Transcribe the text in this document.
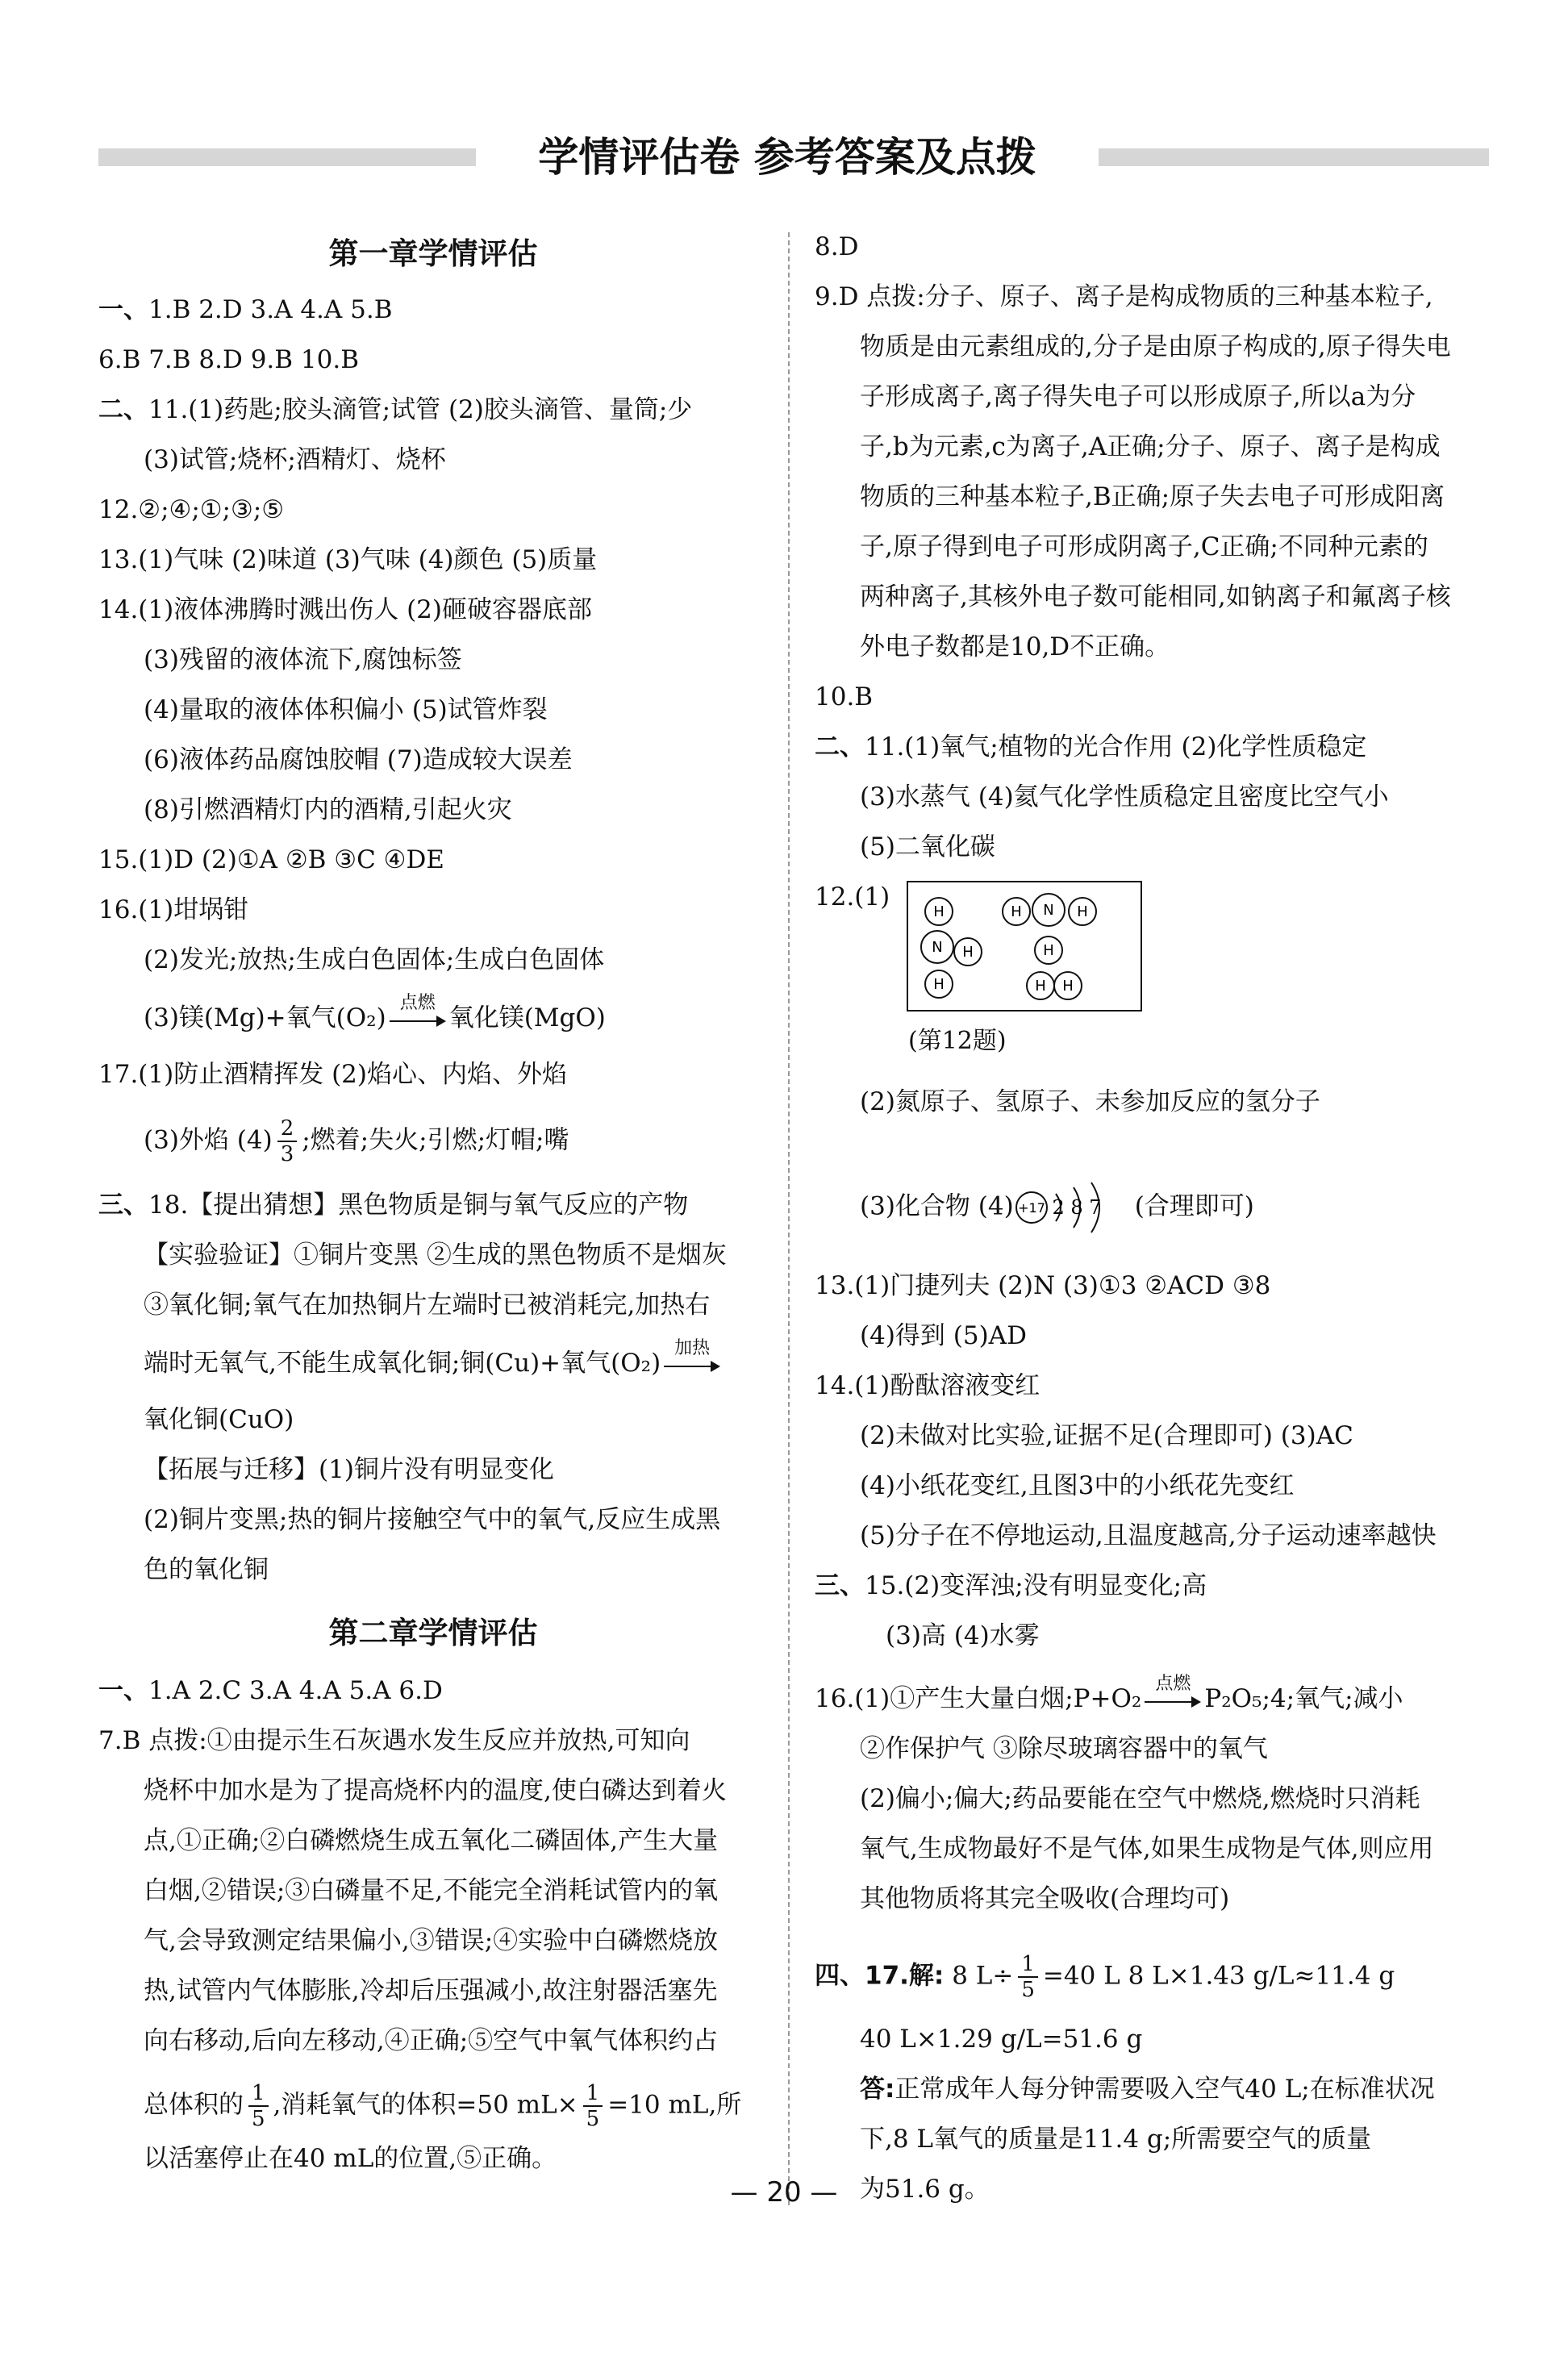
学情评估卷 参考答案及点拨
第一章学情评估
一、1.B 2.D 3.A 4.A 5.B
6.B 7.B 8.D 9.B 10.B
二、11.(1)药匙;胶头滴管;试管 (2)胶头滴管、量筒;少
(3)试管;烧杯;酒精灯、烧杯
12.②;④;①;③;⑤
13.(1)气味 (2)味道 (3)气味 (4)颜色 (5)质量
14.(1)液体沸腾时溅出伤人 (2)砸破容器底部
(3)残留的液体流下,腐蚀标签
(4)量取的液体体积偏小 (5)试管炸裂
(6)液体药品腐蚀胶帽 (7)造成较大误差
(8)引燃酒精灯内的酒精,引起火灾
15.(1)D (2)①A ②B ③C ④DE
16.(1)坩埚钳
(2)发光;放热;生成白色固体;生成白色固体
(3)镁(Mg)+氧气(O₂)
点燃
氧化镁(MgO)
17.(1)防止酒精挥发 (2)焰心、内焰、外焰
(3)外焰 $(4) \frac{2}{3}$ ;燃着;失火;引燃;灯帽;嘴
三、18.【提出猜想】黑色物质是铜与氧气反应的产物
【实验验证】①铜片变黑 ②生成的黑色物质不是烟灰
③氧化铜;氧气在加热铜片左端时已被消耗完,加热右
端时无氧气,不能生成氧化铜;铜(Cu)+氧气(O₂)
加热
氧化铜(CuO)
【拓展与迁移】(1)铜片没有明显变化
(2)铜片变黑;热的铜片接触空气中的氧气,反应生成黑
色的氧化铜
第二章学情评估
一、1.A 2.C 3.A 4.A 5.A 6.D
7.B 点拨:①由提示生石灰遇水发生反应并放热,可知向
烧杯中加水是为了提高烧杯内的温度,使白磷达到着火
点,①正确;②白磷燃烧生成五氧化二磷固体,产生大量
白烟,②错误;③白磷量不足,不能完全消耗试管内的氧
气,会导致测定结果偏小,③错误;④实验中白磷燃烧放
热,试管内气体膨胀,冷却后压强减小,故注射器活塞先
向右移动,后向左移动,④正确;⑤空气中氧气体积约占
总体积的 $\frac{1}{5}$ ,消耗氧气的体积=50 $mL\times \frac{1}{5} =10$ mL,所
以活塞停止在40 mL的位置,⑤正确。
8.D
9.D 点拨:分子、原子、离子是构成物质的三种基本粒子,
物质是由元素组成的,分子是由原子构成的,原子得失电
子形成离子,离子得失电子可以形成原子,所以a为分
子,b为元素,c为离子,A正确;分子、原子、离子是构成
物质的三种基本粒子,B正确;原子失去电子可形成阳离
子,原子得到电子可形成阴离子,C正确;不同种元素的
两种离子,其核外电子数可能相同,如钠离子和氟离子核
外电子数都是10,D不正确。
10.B
二、11.(1)氧气;植物的光合作用 (2)化学性质稳定
(3)水蒸气 (4)氦气化学性质稳定且密度比空气小
(5)二氧化碳
12.(1)
H	H N H
N H	H
H	H H
(第12题)
(2)氮原子、氢原子、未参加反应的氢分子
(3)化合物 (4) +17 2 8 7 (合理即可)
13.(1)门捷列夫 (2)N (3)①3 ②ACD ③8
(4)得到 (5)AD
14.(1)酚酞溶液变红
(2)未做对比实验,证据不足(合理即可) (3)AC
(4)小纸花变红,且图3中的小纸花先变红
(5)分子在不停地运动,且温度越高,分子运动速率越快
三、15.(2)变浑浊;没有明显变化;高
(3)高 (4)水雾
16.(1)①产生大量白烟;P+O₂
点燃
P₂O₅;4;氧气;减小
②作保护气 ③除尽玻璃容器中的氧气
(2)偏小;偏大;药品要能在空气中燃烧,燃烧时只消耗
氧气,生成物最好不是气体,如果生成物是气体,则应用
其他物质将其完全吸收(合理均可)
四、17.解: 8 $L\div \frac{1}{5} =40$ L 8 L×1.43 g/L≈11.4 g
40 L×1.29 g/L=51.6 g
答:正常成年人每分钟需要吸入空气40 L;在标准状况
下,8 L氧气的质量是11.4 g;所需要空气的质量
为51.6 g。
— 20 —
